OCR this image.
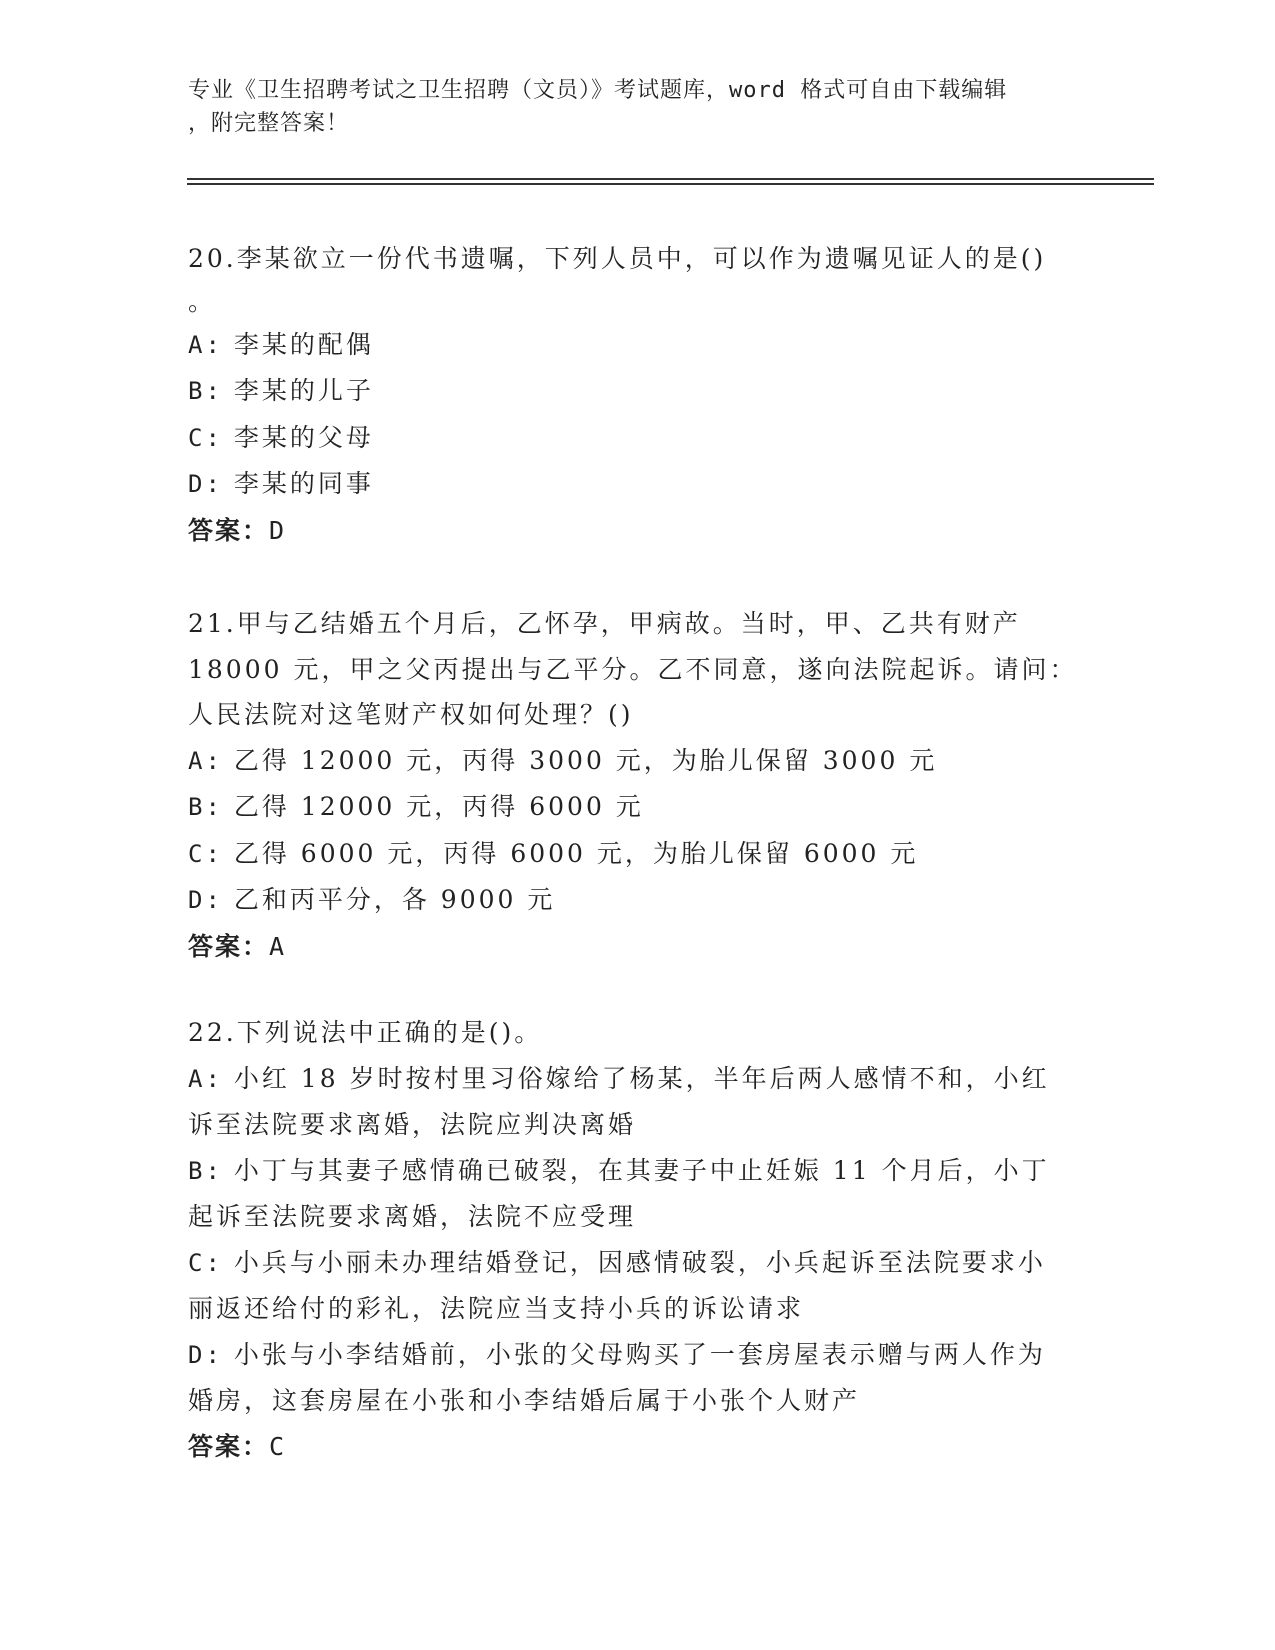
专业《卫生招聘考试之卫生招聘（文员）》考试题库，word 格式可自由下载编辑
，附完整答案！
20.李某欲立一份代书遗嘱，下列人员中，可以作为遗嘱见证人的是()
。
A: 李某的配偶
B: 李某的儿子
C: 李某的父母
D: 李某的同事
答案：D
21.甲与乙结婚五个月后，乙怀孕，甲病故。当时，甲、乙共有财产
18000 元，甲之父丙提出与乙平分。乙不同意，遂向法院起诉。请问：
人民法院对这笔财产权如何处理？()
A: 乙得 12000 元，丙得 3000 元，为胎儿保留 3000 元
B: 乙得 12000 元，丙得 6000 元
C: 乙得 6000 元，丙得 6000 元，为胎儿保留 6000 元
D: 乙和丙平分，各 9000 元
答案：A
22.下列说法中正确的是()。
A: 小红 18 岁时按村里习俗嫁给了杨某，半年后两人感情不和，小红
诉至法院要求离婚，法院应判决离婚
B: 小丁与其妻子感情确已破裂，在其妻子中止妊娠 11 个月后，小丁
起诉至法院要求离婚，法院不应受理
C: 小兵与小丽未办理结婚登记，因感情破裂，小兵起诉至法院要求小
丽返还给付的彩礼，法院应当支持小兵的诉讼请求
D: 小张与小李结婚前，小张的父母购买了一套房屋表示赠与两人作为
婚房，这套房屋在小张和小李结婚后属于小张个人财产
答案：C
